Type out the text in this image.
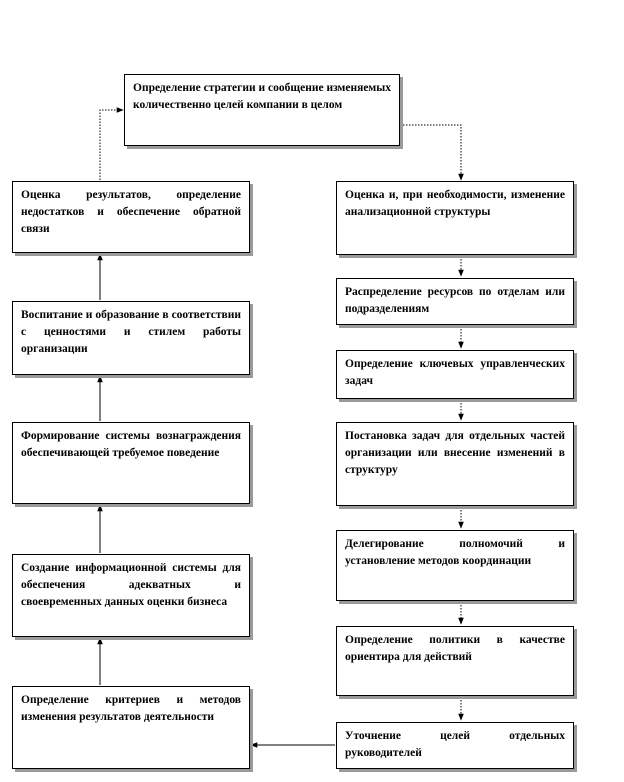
Определение стратегии и сообщение изменяемых количественно целей компании в целом
Оценка и, при необходимости, изменение анализационной структуры
Распределение ресурсов по отделам или подразделениям
Определение ключевых управленческих задач
Постановка задач для отдельных частей организации или внесение изменений в структуру
Делегирование полномочий и установление методов координации
Определение политики в качестве ориентира для действий
Уточнение целей отдельных руководителей
Оценка результатов, определение недостатков и обеспечение обратной связи
Воспитание и образование в соответствии с ценностями и стилем работы организации
Формирование системы вознаграждения обеспечивающей требуемое поведение
Создание информационной системы для обеспечения адекватных и своевременных данных оценки бизнеса
Определение критериев и методов изменения результатов деятельности
